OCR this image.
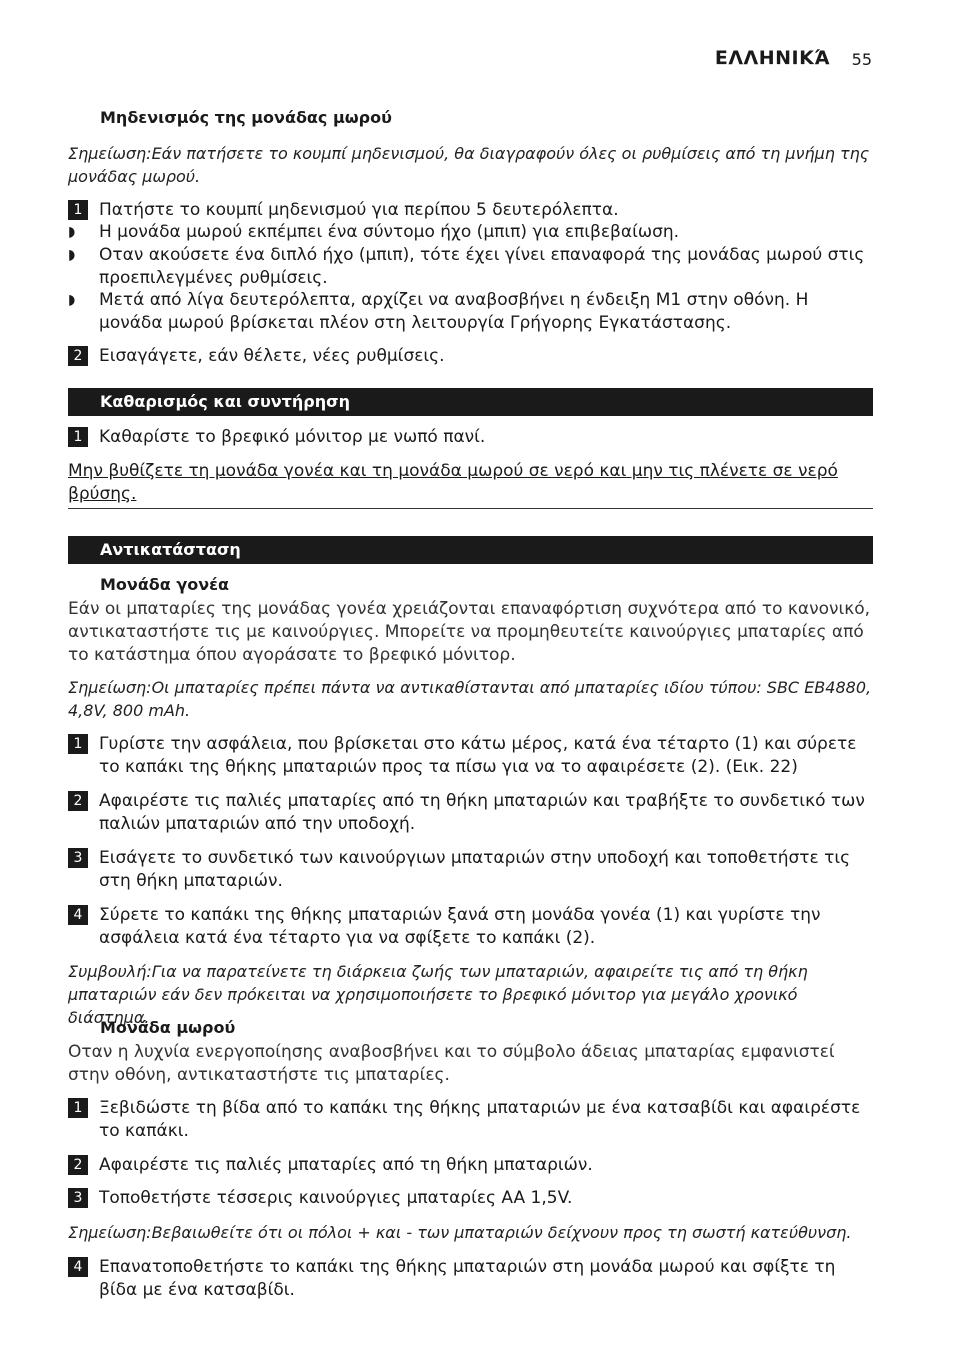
ΕΛΛΗΝΙΚΆ 55
Μηδενισμός της μονάδας μωρού
Σημείωση:Εάν πατήσετε το κουμπί μηδενισμού, θα διαγραφούν όλες οι ρυθμίσεις από τη μνήμη της μονάδας μωρού.
1 Πατήστε το κουμπί μηδενισμού για περίπου 5 δευτερόλεπτα.
◗	Η μονάδα μωρού εκπέμπει ένα σύντομο ήχο (μπιπ) για επιβεβαίωση.
◗	Οταν ακούσετε ένα διπλό ήχο (μπιπ), τότε έχει γίνει επαναφορά της μονάδας μωρού στις προεπιλεγμένες ρυθμίσεις.
◗	Μετά από λίγα δευτερόλεπτα, αρχίζει να αναβοσβήνει η ένδειξη M1 στην οθόνη. Η μονάδα μωρού βρίσκεται πλέον στη λειτουργία Γρήγορης Εγκατάστασης.
2 Εισαγάγετε, εάν θέλετε, νέες ρυθμίσεις.
Καθαρισμός και συντήρηση
1 Καθαρίστε το βρεφικό μόνιτορ με νωπό πανί.
Μην βυθίζετε τη μονάδα γονέα και τη μονάδα μωρού σε νερό και μην τις πλένετε σε νερό βρύσης.
Αντικατάσταση
Μονάδα γονέα
Εάν οι μπαταρίες της μονάδας γονέα χρειάζονται επαναφόρτιση συχνότερα από το κανονικό, αντικαταστήστε τις με καινούργιες. Μπορείτε να προμηθευτείτε καινούργιες μπαταρίες από το κατάστημα όπου αγοράσατε το βρεφικό μόνιτορ.
Σημείωση:Οι μπαταρίες πρέπει πάντα να αντικαθίστανται από μπαταρίες ιδίου τύπου: SBC EB4880, 4,8V, 800 mAh.
1 Γυρίστε την ασφάλεια, που βρίσκεται στο κάτω μέρος, κατά ένα τέταρτο (1) και σύρετε το καπάκι της θήκης μπαταριών προς τα πίσω για να το αφαιρέσετε (2). (Εικ. 22)
2 Αφαιρέστε τις παλιές μπαταρίες από τη θήκη μπαταριών και τραβήξτε το συνδετικό των παλιών μπαταριών από την υποδοχή.
3 Εισάγετε το συνδετικό των καινούργιων μπαταριών στην υποδοχή και τοποθετήστε τις στη θήκη μπαταριών.
4 Σύρετε το καπάκι της θήκης μπαταριών ξανά στη μονάδα γονέα (1) και γυρίστε την ασφάλεια κατά ένα τέταρτο για να σφίξετε το καπάκι (2).
Συμβουλή:Για να παρατείνετε τη διάρκεια ζωής των μπαταριών, αφαιρείτε τις από τη θήκη μπαταριών εάν δεν πρόκειται να χρησιμοποιήσετε το βρεφικό μόνιτορ για μεγάλο χρονικό διάστημα.
Μονάδα μωρού
Οταν η λυχνία ενεργοποίησης αναβοσβήνει και το σύμβολο άδειας μπαταρίας εμφανιστεί στην οθόνη, αντικαταστήστε τις μπαταρίες.
1 Ξεβιδώστε τη βίδα από το καπάκι της θήκης μπαταριών με ένα κατσαβίδι και αφαιρέστε το καπάκι.
2 Αφαιρέστε τις παλιές μπαταρίες από τη θήκη μπαταριών.
3 Τοποθετήστε τέσσερις καινούργιες μπαταρίες AA 1,5V.
Σημείωση:Βεβαιωθείτε ότι οι πόλοι + και - των μπαταριών δείχνουν προς τη σωστή κατεύθυνση.
4 Επανατοποθετήστε το καπάκι της θήκης μπαταριών στη μονάδα μωρού και σφίξτε τη βίδα με ένα κατσαβίδι.
